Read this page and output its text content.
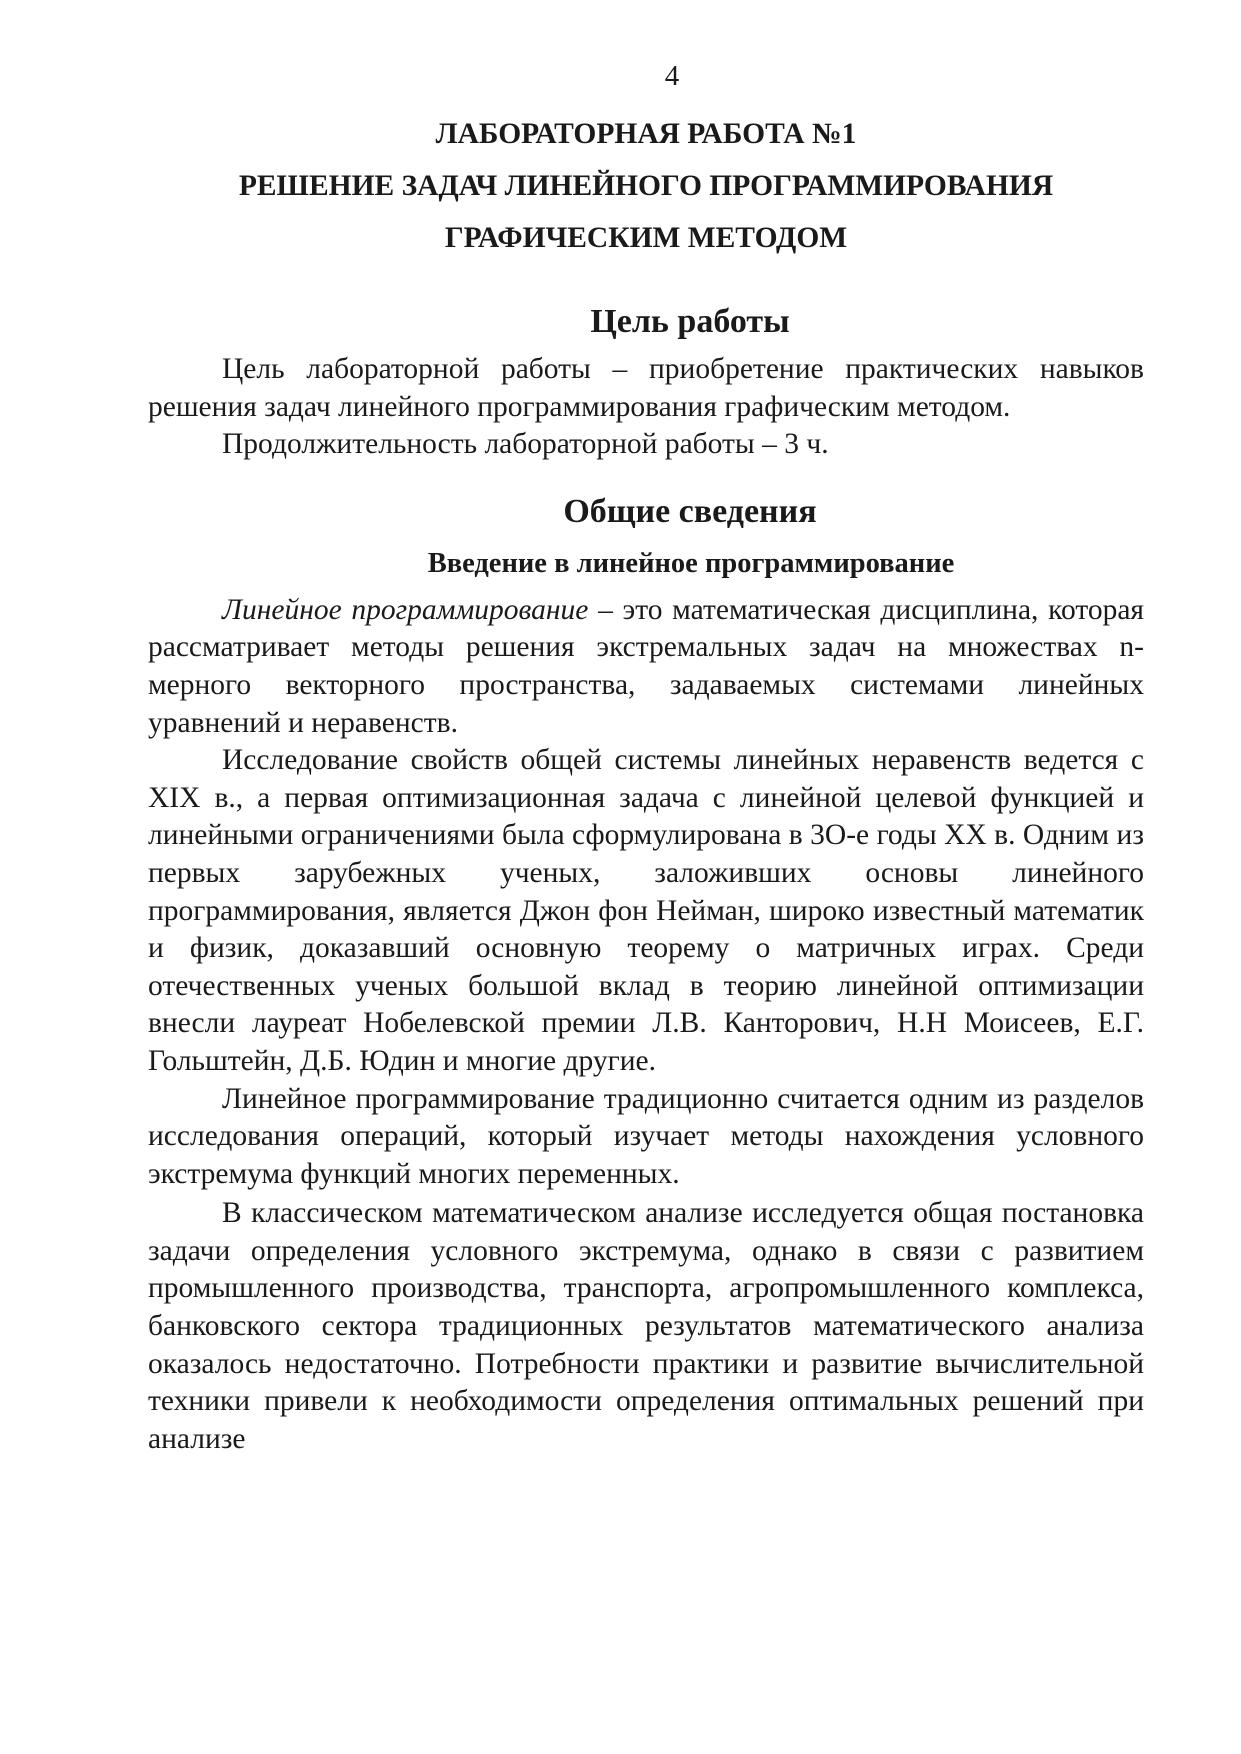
4
ЛАБОРАТОРНАЯ РАБОТА №1
РЕШЕНИЕ ЗАДАЧ ЛИНЕЙНОГО ПРОГРАММИРОВАНИЯ
ГРАФИЧЕСКИМ МЕТОДОМ
Цель работы

Цель лабораторной работы – приобретение практических навыков решения задач линейного программирования графическим методом.

Продолжительность лабораторной работы – 3 ч.

Общие сведения
Введение в линейное программирование

Линейное программирование – это математическая дисциплина, которая рассматривает методы решения экстремальных задач на множествах n-мерного векторного пространства, задаваемых системами линейных уравнений и неравенств.

Исследование свойств общей системы линейных неравенств ведется с XIX в., а первая оптимизационная задача с линейной целевой функцией и линейными ограничениями была сформулирована в 3О-е годы XX в. Одним из первых зарубежных ученых, заложивших основы линейного программирования, является Джон фон Нейман, широко известный математик и физик, доказавший основную теорему о матричных играх. Среди отечественных ученых большой вклад в теорию линейной оптимизации внесли лауреат Нобелевской премии Л.В. Канторович, Н.Н Моисеев, Е.Г. Гольштейн, Д.Б. Юдин и многие другие.

Линейное программирование традиционно считается одним из разделов исследования операций, который изучает методы нахождения условного экстремума функций многих переменных.

В классическом математическом анализе исследуется общая постановка задачи определения условного экстремума, однако в связи с развитием промышленного производства, транспорта, агропромышленного комплекса, банковского сектора традиционных результатов математического анализа оказалось недостаточно. Потребности практики и развитие вычислительной техники привели к необходимости определения оптимальных решений при анализе
